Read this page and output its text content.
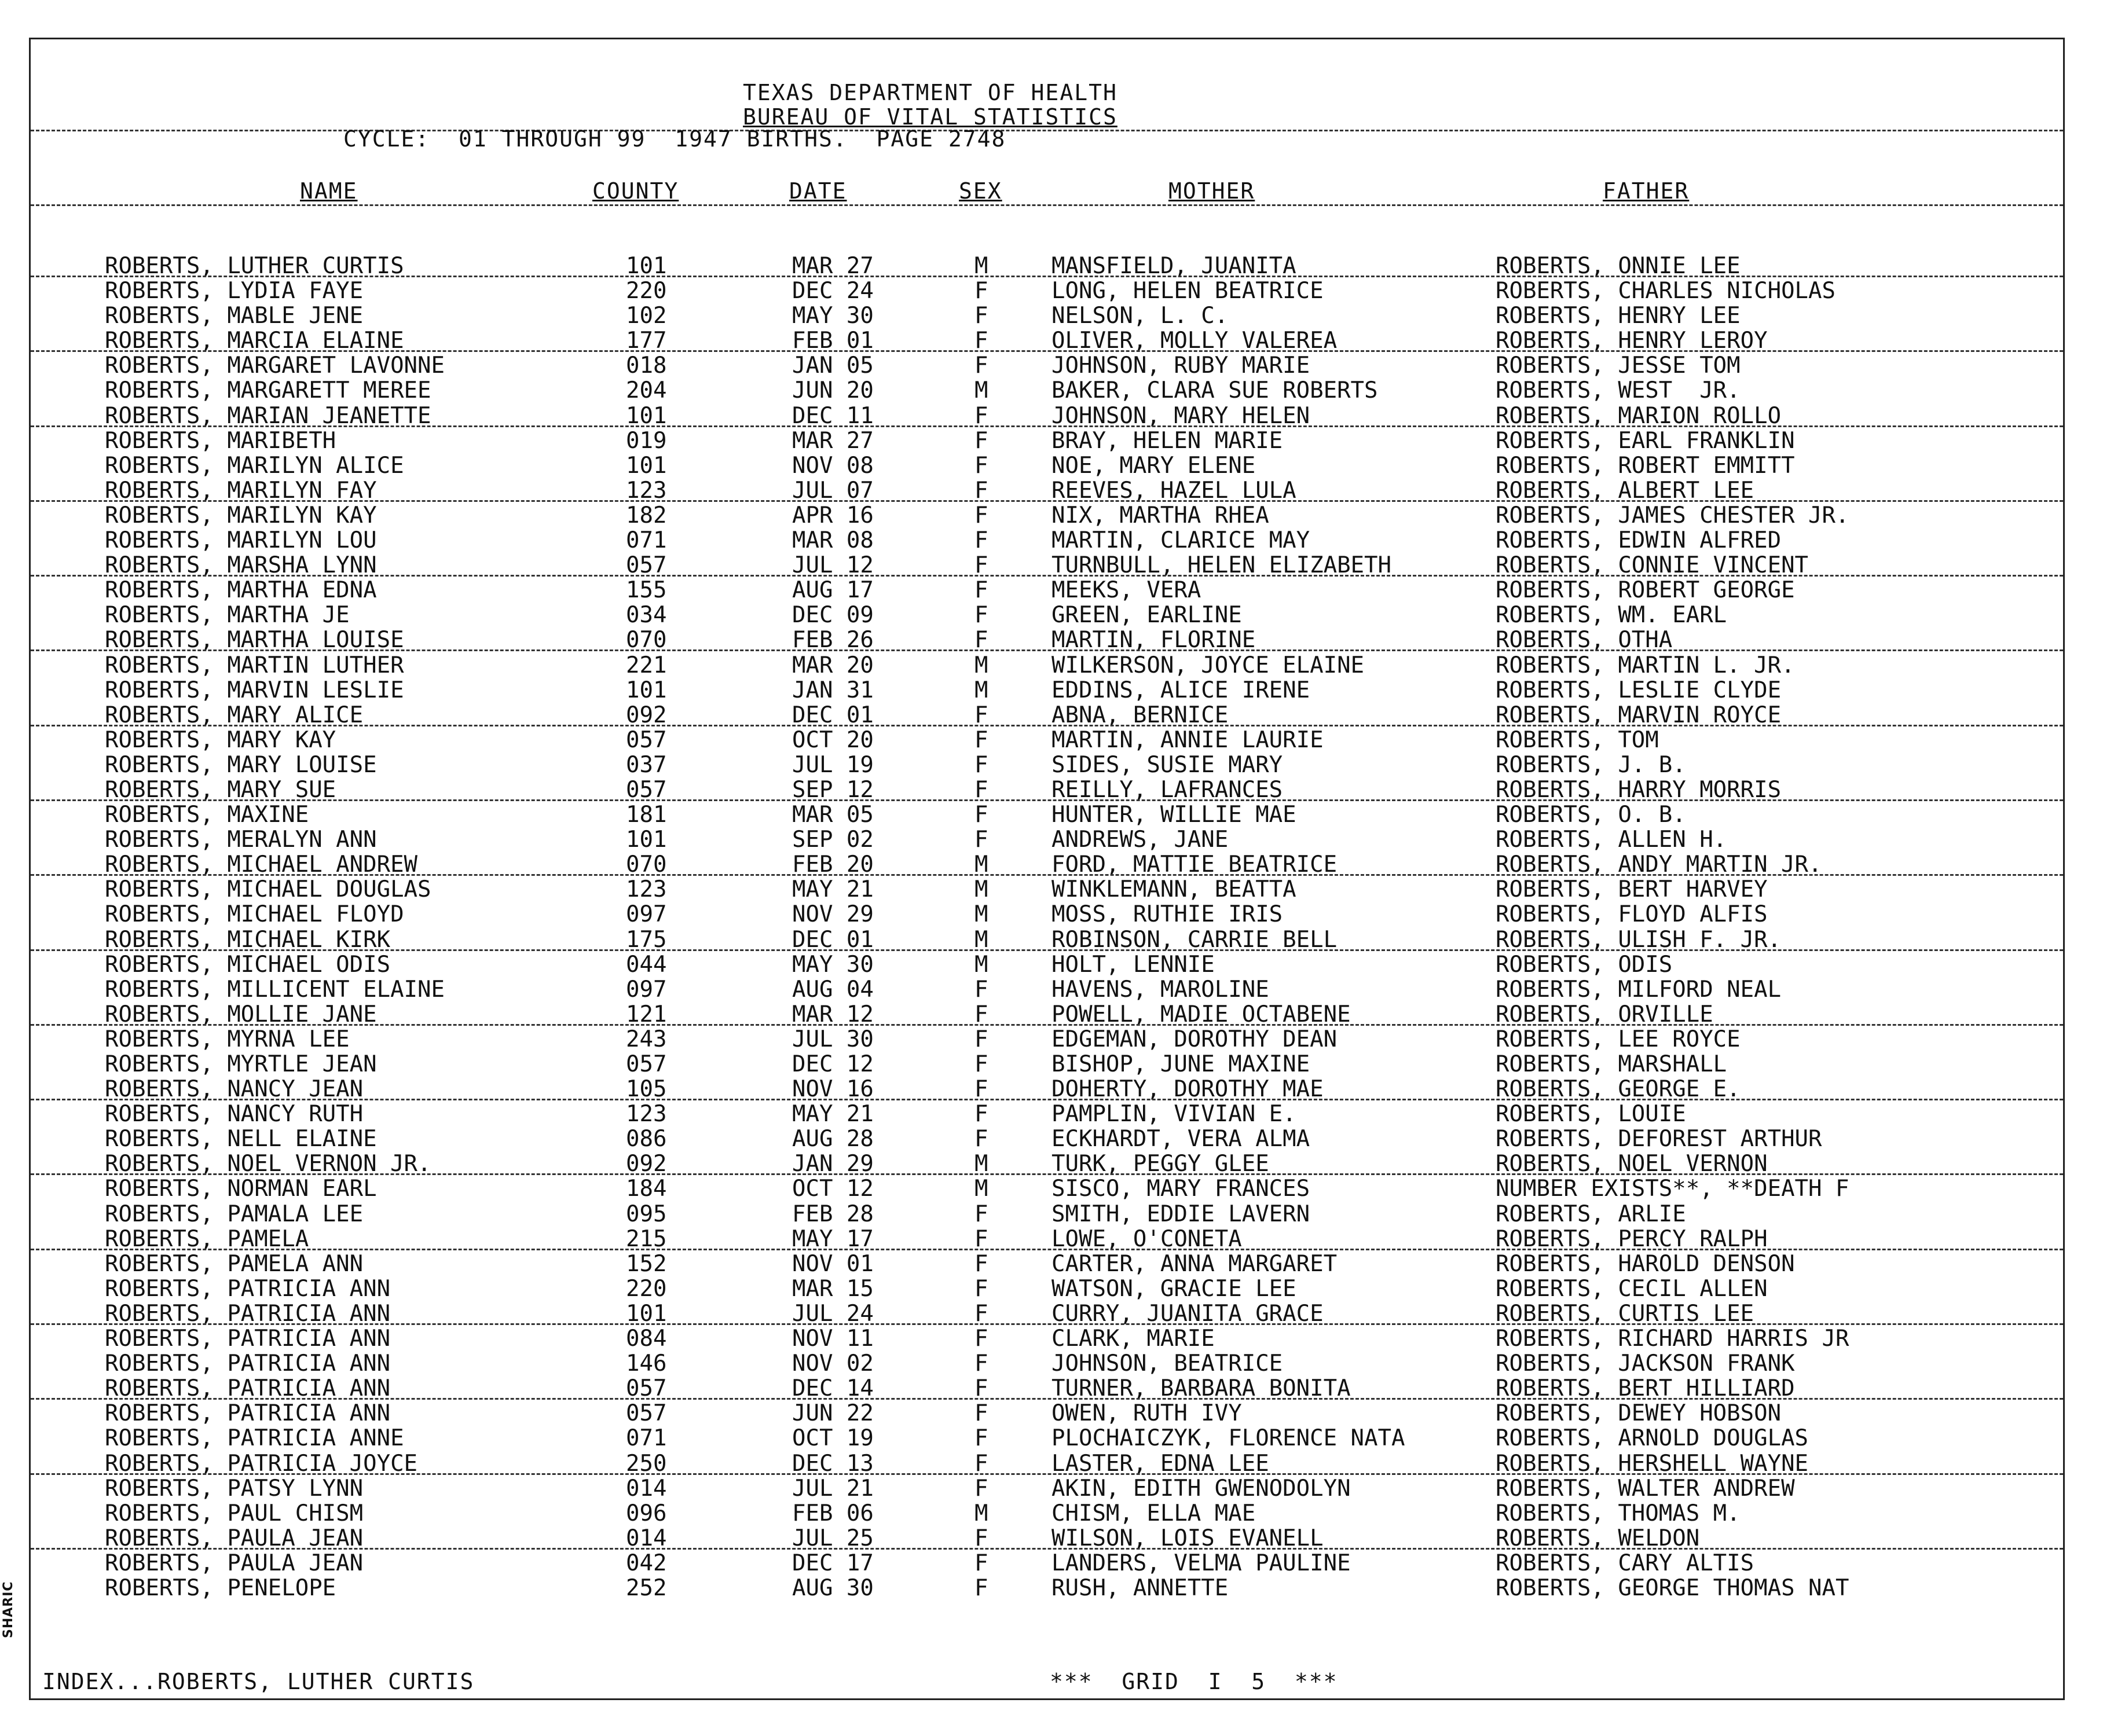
TEXAS DEPARTMENT OF HEALTH
BUREAU OF VITAL STATISTICS
CYCLE:  01 THROUGH 99  1947 BIRTHS.  PAGE 2748
NAME	COUNTY	DATE	SEX	MOTHER	FATHER
ROBERTS, LUTHER CURTIS	101	MAR 27	M	MANSFIELD, JUANITA	ROBERTS, ONNIE LEE
ROBERTS, LYDIA FAYE	220	DEC 24	F	LONG, HELEN BEATRICE	ROBERTS, CHARLES NICHOLAS
ROBERTS, MABLE JENE	102	MAY 30	F	NELSON, L. C.	ROBERTS, HENRY LEE
ROBERTS, MARCIA ELAINE	177	FEB 01	F	OLIVER, MOLLY VALEREA	ROBERTS, HENRY LEROY
ROBERTS, MARGARET LAVONNE	018	JAN 05	F	JOHNSON, RUBY MARIE	ROBERTS, JESSE TOM
ROBERTS, MARGARETT MEREE	204	JUN 20	M	BAKER, CLARA SUE ROBERTS	ROBERTS, WEST  JR.
ROBERTS, MARIAN JEANETTE	101	DEC 11	F	JOHNSON, MARY HELEN	ROBERTS, MARION ROLLO
ROBERTS, MARIBETH	019	MAR 27	F	BRAY, HELEN MARIE	ROBERTS, EARL FRANKLIN
ROBERTS, MARILYN ALICE	101	NOV 08	F	NOE, MARY ELENE	ROBERTS, ROBERT EMMITT
ROBERTS, MARILYN FAY	123	JUL 07	F	REEVES, HAZEL LULA	ROBERTS, ALBERT LEE
ROBERTS, MARILYN KAY	182	APR 16	F	NIX, MARTHA RHEA	ROBERTS, JAMES CHESTER JR.
ROBERTS, MARILYN LOU	071	MAR 08	F	MARTIN, CLARICE MAY	ROBERTS, EDWIN ALFRED
ROBERTS, MARSHA LYNN	057	JUL 12	F	TURNBULL, HELEN ELIZABETH	ROBERTS, CONNIE VINCENT
ROBERTS, MARTHA EDNA	155	AUG 17	F	MEEKS, VERA	ROBERTS, ROBERT GEORGE
ROBERTS, MARTHA JE	034	DEC 09	F	GREEN, EARLINE	ROBERTS, WM. EARL
ROBERTS, MARTHA LOUISE	070	FEB 26	F	MARTIN, FLORINE	ROBERTS, OTHA
ROBERTS, MARTIN LUTHER	221	MAR 20	M	WILKERSON, JOYCE ELAINE	ROBERTS, MARTIN L. JR.
ROBERTS, MARVIN LESLIE	101	JAN 31	M	EDDINS, ALICE IRENE	ROBERTS, LESLIE CLYDE
ROBERTS, MARY ALICE	092	DEC 01	F	ABNA, BERNICE	ROBERTS, MARVIN ROYCE
ROBERTS, MARY KAY	057	OCT 20	F	MARTIN, ANNIE LAURIE	ROBERTS, TOM
ROBERTS, MARY LOUISE	037	JUL 19	F	SIDES, SUSIE MARY	ROBERTS, J. B.
ROBERTS, MARY SUE	057	SEP 12	F	REILLY, LAFRANCES	ROBERTS, HARRY MORRIS
ROBERTS, MAXINE	181	MAR 05	F	HUNTER, WILLIE MAE	ROBERTS, O. B.
ROBERTS, MERALYN ANN	101	SEP 02	F	ANDREWS, JANE	ROBERTS, ALLEN H.
ROBERTS, MICHAEL ANDREW	070	FEB 20	M	FORD, MATTIE BEATRICE	ROBERTS, ANDY MARTIN JR.
ROBERTS, MICHAEL DOUGLAS	123	MAY 21	M	WINKLEMANN, BEATTA	ROBERTS, BERT HARVEY
ROBERTS, MICHAEL FLOYD	097	NOV 29	M	MOSS, RUTHIE IRIS	ROBERTS, FLOYD ALFIS
ROBERTS, MICHAEL KIRK	175	DEC 01	M	ROBINSON, CARRIE BELL	ROBERTS, ULISH F. JR.
ROBERTS, MICHAEL ODIS	044	MAY 30	M	HOLT, LENNIE	ROBERTS, ODIS
ROBERTS, MILLICENT ELAINE	097	AUG 04	F	HAVENS, MAROLINE	ROBERTS, MILFORD NEAL
ROBERTS, MOLLIE JANE	121	MAR 12	F	POWELL, MADIE OCTABENE	ROBERTS, ORVILLE
ROBERTS, MYRNA LEE	243	JUL 30	F	EDGEMAN, DOROTHY DEAN	ROBERTS, LEE ROYCE
ROBERTS, MYRTLE JEAN	057	DEC 12	F	BISHOP, JUNE MAXINE	ROBERTS, MARSHALL
ROBERTS, NANCY JEAN	105	NOV 16	F	DOHERTY, DOROTHY MAE	ROBERTS, GEORGE E.
ROBERTS, NANCY RUTH	123	MAY 21	F	PAMPLIN, VIVIAN E.	ROBERTS, LOUIE
ROBERTS, NELL ELAINE	086	AUG 28	F	ECKHARDT, VERA ALMA	ROBERTS, DEFOREST ARTHUR
ROBERTS, NOEL VERNON JR.	092	JAN 29	M	TURK, PEGGY GLEE	ROBERTS, NOEL VERNON
ROBERTS, NORMAN EARL	184	OCT 12	M	SISCO, MARY FRANCES	NUMBER EXISTS**, **DEATH F
ROBERTS, PAMALA LEE	095	FEB 28	F	SMITH, EDDIE LAVERN	ROBERTS, ARLIE
ROBERTS, PAMELA	215	MAY 17	F	LOWE, O'CONETA	ROBERTS, PERCY RALPH
ROBERTS, PAMELA ANN	152	NOV 01	F	CARTER, ANNA MARGARET	ROBERTS, HAROLD DENSON
ROBERTS, PATRICIA ANN	220	MAR 15	F	WATSON, GRACIE LEE	ROBERTS, CECIL ALLEN
ROBERTS, PATRICIA ANN	101	JUL 24	F	CURRY, JUANITA GRACE	ROBERTS, CURTIS LEE
ROBERTS, PATRICIA ANN	084	NOV 11	F	CLARK, MARIE	ROBERTS, RICHARD HARRIS JR
ROBERTS, PATRICIA ANN	146	NOV 02	F	JOHNSON, BEATRICE	ROBERTS, JACKSON FRANK
ROBERTS, PATRICIA ANN	057	DEC 14	F	TURNER, BARBARA BONITA	ROBERTS, BERT HILLIARD
ROBERTS, PATRICIA ANN	057	JUN 22	F	OWEN, RUTH IVY	ROBERTS, DEWEY HOBSON
ROBERTS, PATRICIA ANNE	071	OCT 19	F	PLOCHAICZYK, FLORENCE NATA	ROBERTS, ARNOLD DOUGLAS
ROBERTS, PATRICIA JOYCE	250	DEC 13	F	LASTER, EDNA LEE	ROBERTS, HERSHELL WAYNE
ROBERTS, PATSY LYNN	014	JUL 21	F	AKIN, EDITH GWENODOLYN	ROBERTS, WALTER ANDREW
ROBERTS, PAUL CHISM	096	FEB 06	M	CHISM, ELLA MAE	ROBERTS, THOMAS M.
ROBERTS, PAULA JEAN	014	JUL 25	F	WILSON, LOIS EVANELL	ROBERTS, WELDON
ROBERTS, PAULA JEAN	042	DEC 17	F	LANDERS, VELMA PAULINE	ROBERTS, CARY ALTIS
ROBERTS, PENELOPE	252	AUG 30	F	RUSH, ANNETTE	ROBERTS, GEORGE THOMAS NAT
INDEX...ROBERTS, LUTHER CURTIS	***  GRID  I  5  ***
SHARIC
